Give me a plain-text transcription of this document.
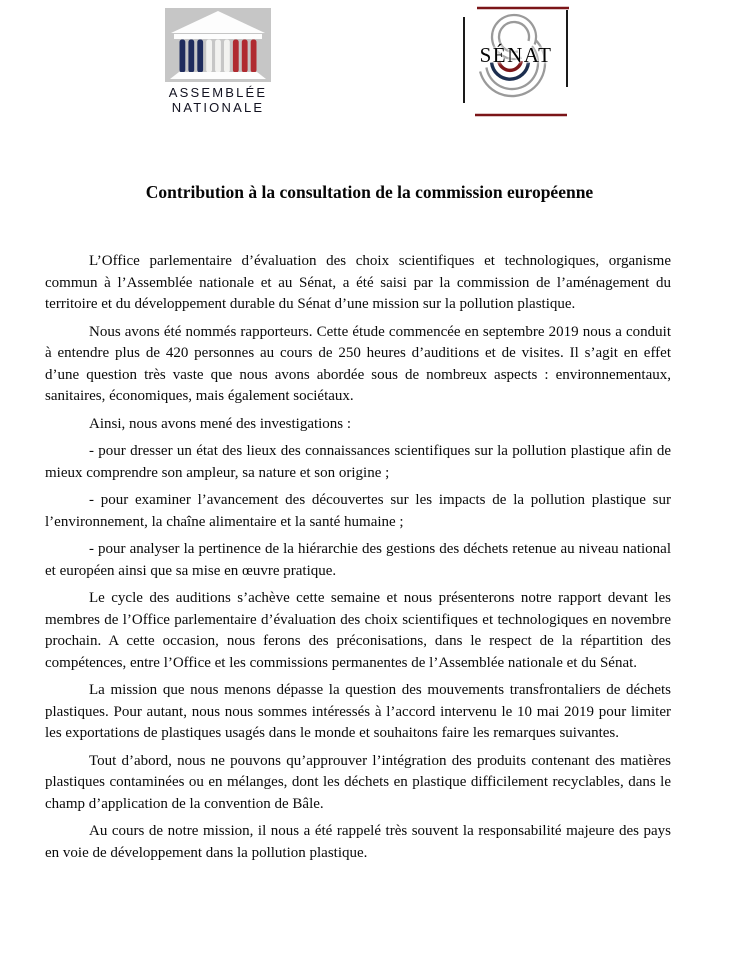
ASSEMBLÉE
NATIONALE
SÉNAT
Contribution à la consultation de la commission européenne

L’Office parlementaire d’évaluation des choix scientifiques et technologiques, organisme commun à l’Assemblée nationale et au Sénat, a été saisi par la commission de l’aménagement du territoire et du développement durable du Sénat d’une mission sur la pollution plastique.

Nous avons été nommés rapporteurs. Cette étude commencée en septembre 2019 nous a conduit à entendre plus de 420 personnes au cours de 250 heures d’auditions et de visites. Il s’agit en effet d’une question très vaste que nous avons abordée sous de nombreux aspects : environnementaux, sanitaires, économiques, mais également sociétaux.

Ainsi, nous avons mené des investigations :

- pour dresser un état des lieux des connaissances scientifiques sur la pollution plastique afin de mieux comprendre son ampleur, sa nature et son origine ;

- pour examiner l’avancement des découvertes sur les impacts de la pollution plastique sur l’environnement, la chaîne alimentaire et la santé humaine ;

- pour analyser la pertinence de la hiérarchie des gestions des déchets retenue au niveau national et européen ainsi que sa mise en œuvre pratique.

Le cycle des auditions s’achève cette semaine et nous présenterons notre rapport devant les membres de l’Office parlementaire d’évaluation des choix scientifiques et technologiques en novembre prochain. A cette occasion, nous ferons des préconisations, dans le respect de la répartition des compétences, entre l’Office et les commissions permanentes de l’Assemblée nationale et du Sénat.

La mission que nous menons dépasse la question des mouvements transfrontaliers de déchets plastiques. Pour autant, nous nous sommes intéressés à l’accord intervenu le 10 mai 2019 pour limiter les exportations de plastiques usagés dans le monde et souhaitons faire les remarques suivantes.

Tout d’abord, nous ne pouvons qu’approuver l’intégration des produits contenant des matières plastiques contaminées ou en mélanges, dont les déchets en plastique difficilement recyclables, dans le champ d’application de la convention de Bâle.

Au cours de notre mission, il nous a été rappelé très souvent la responsabilité majeure des pays en voie de développement dans la pollution plastique.
